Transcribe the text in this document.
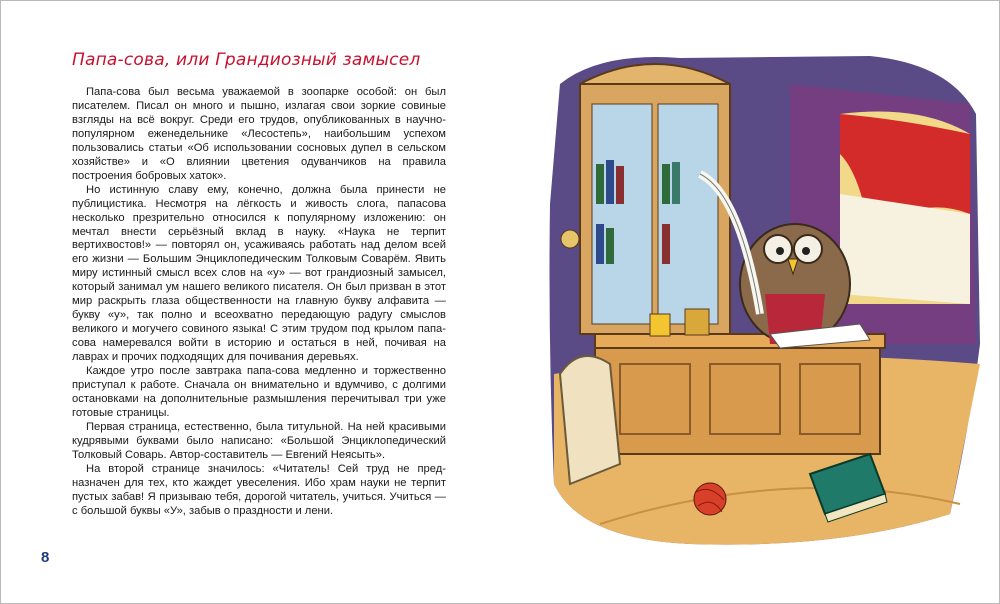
Папа-сова, или Грандиозный замысел

Папа-сова был весьма уважаемой в зоопарке особой: он был писателем. Писал он много и пышно, излагая свои зоркие совиные взгляды на всё вокруг. Среди его трудов, опубликованных в научно-популярном еженедельнике «Лесостепь», наибольшим успехом пользовались статьи «Об использовании сосновых дупел в сельском хозяйстве» и «О влиянии цветения одуванчиков на правила построения бобровых хаток».

Но истинную славу ему, конечно, должна была принести не публицистика. Несмотря на лёгкость и живость слога, папасова несколько презрительно относился к популярному изложению: он мечтал внести серьёзный вклад в науку. «Наука не терпит вертихвостов!» — повторял он, усаживаясь работать над делом всей его жизни — Большим Энциклопедическим Толковым Соварём. Явить миру истинный смысл всех слов на «у» — вот грандиозный замысел, который занимал ум нашего великого писателя. Он был призван в этот мир раскрыть глаза общественности на главную букву алфавита — букву «у», так полно и всеохватно передающую радугу смыслов великого и могучего совиного языка! С этим трудом под крылом папа-сова намеревался войти в историю и остаться в ней, почивая на лаврах и прочих подходящих для почивания деревьях.

Каждое утро после завтрака папа-сова медленно и торжественно приступал к работе. Сначала он внимательно и вдумчиво, с долгими остановками на дополнительные размышления перечитывал три уже готовые страницы.

Первая страница, естественно, была титульной. На ней красивыми кудрявыми буквами было написано: «Большой Энциклопедический Толковый Соварь. Автор-составитель — Евгений Неясыть».

На второй странице значилось: «Читатель! Сей труд не предназначен для тех, кто жаждет увеселения. Ибо храм науки не терпит пустых забав! Я призываю тебя, дорогой читатель, учиться. Учиться — с большой буквы «У», забыв о праздности и лени.

8
